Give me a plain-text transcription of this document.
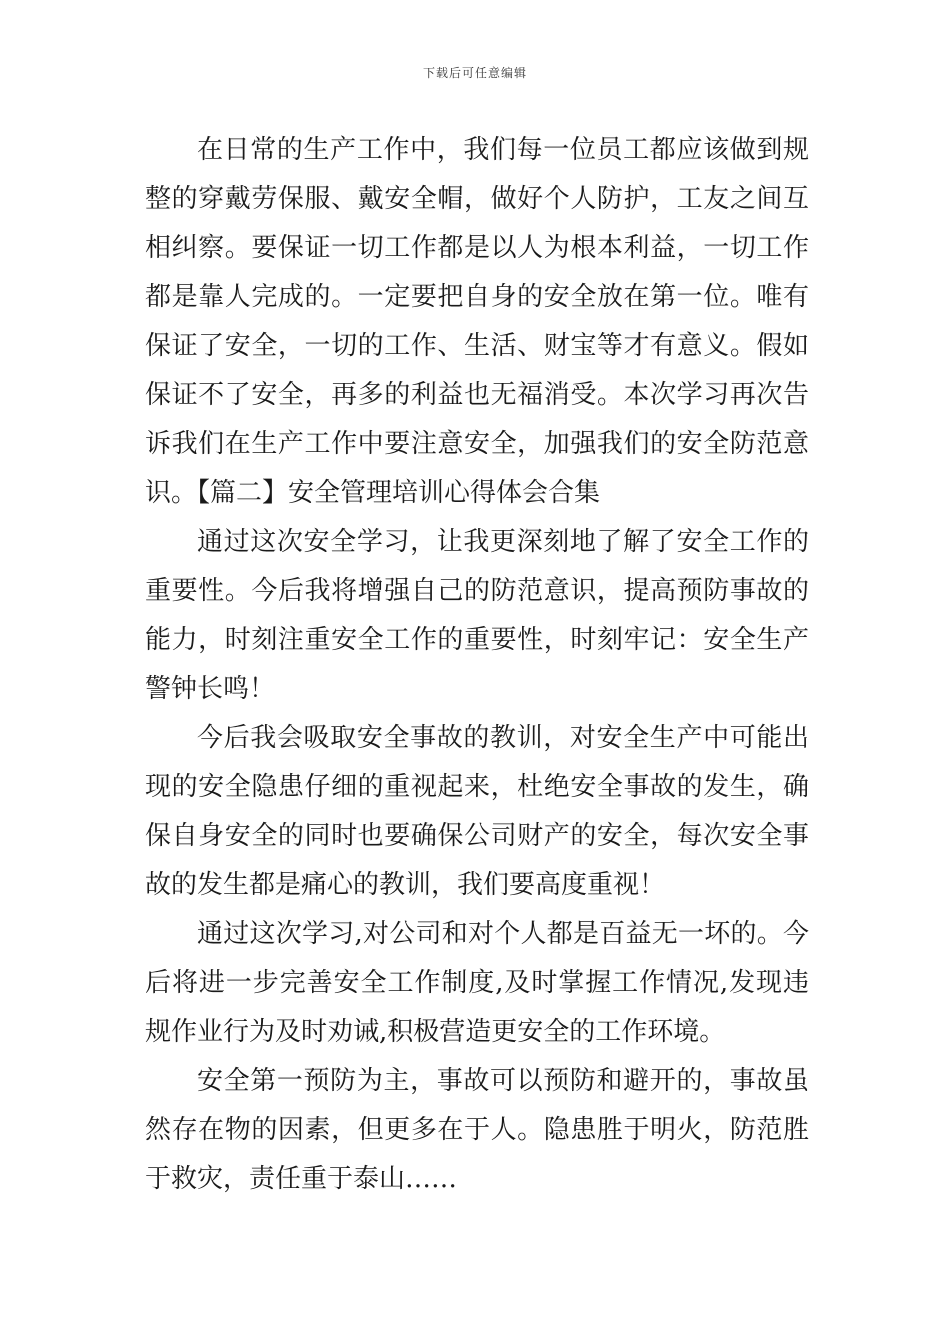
下载后可任意编辑

在日常的生产工作中，我们每一位员工都应该做到规整的穿戴劳保服、戴安全帽，做好个人防护，工友之间互相纠察。要保证一切工作都是以人为根本利益，一切工作都是靠人完成的。一定要把自身的安全放在第一位。唯有保证了安全，一切的工作、生活、财宝等才有意义。假如保证不了安全，再多的利益也无福消受。本次学习再次告诉我们在生产工作中要注意安全，加强我们的安全防范意识。【篇二】安全管理培训心得体会合集

通过这次安全学习，让我更深刻地了解了安全工作的重要性。今后我将增强自己的防范意识，提高预防事故的能力，时刻注重安全工作的重要性，时刻牢记：安全生产警钟长鸣！

今后我会吸取安全事故的教训，对安全生产中可能出现的安全隐患仔细的重视起来，杜绝安全事故的发生，确保自身安全的同时也要确保公司财产的安全，每次安全事故的发生都是痛心的教训，我们要高度重视！

通过这次学习,对公司和对个人都是百益无一坏的。今后将进一步完善安全工作制度,及时掌握工作情况,发现违规作业行为及时劝诫,积极营造更安全的工作环境。

安全第一预防为主，事故可以预防和避开的，事故虽然存在物的因素，但更多在于人。隐患胜于明火，防范胜于救灾，责任重于泰山……
